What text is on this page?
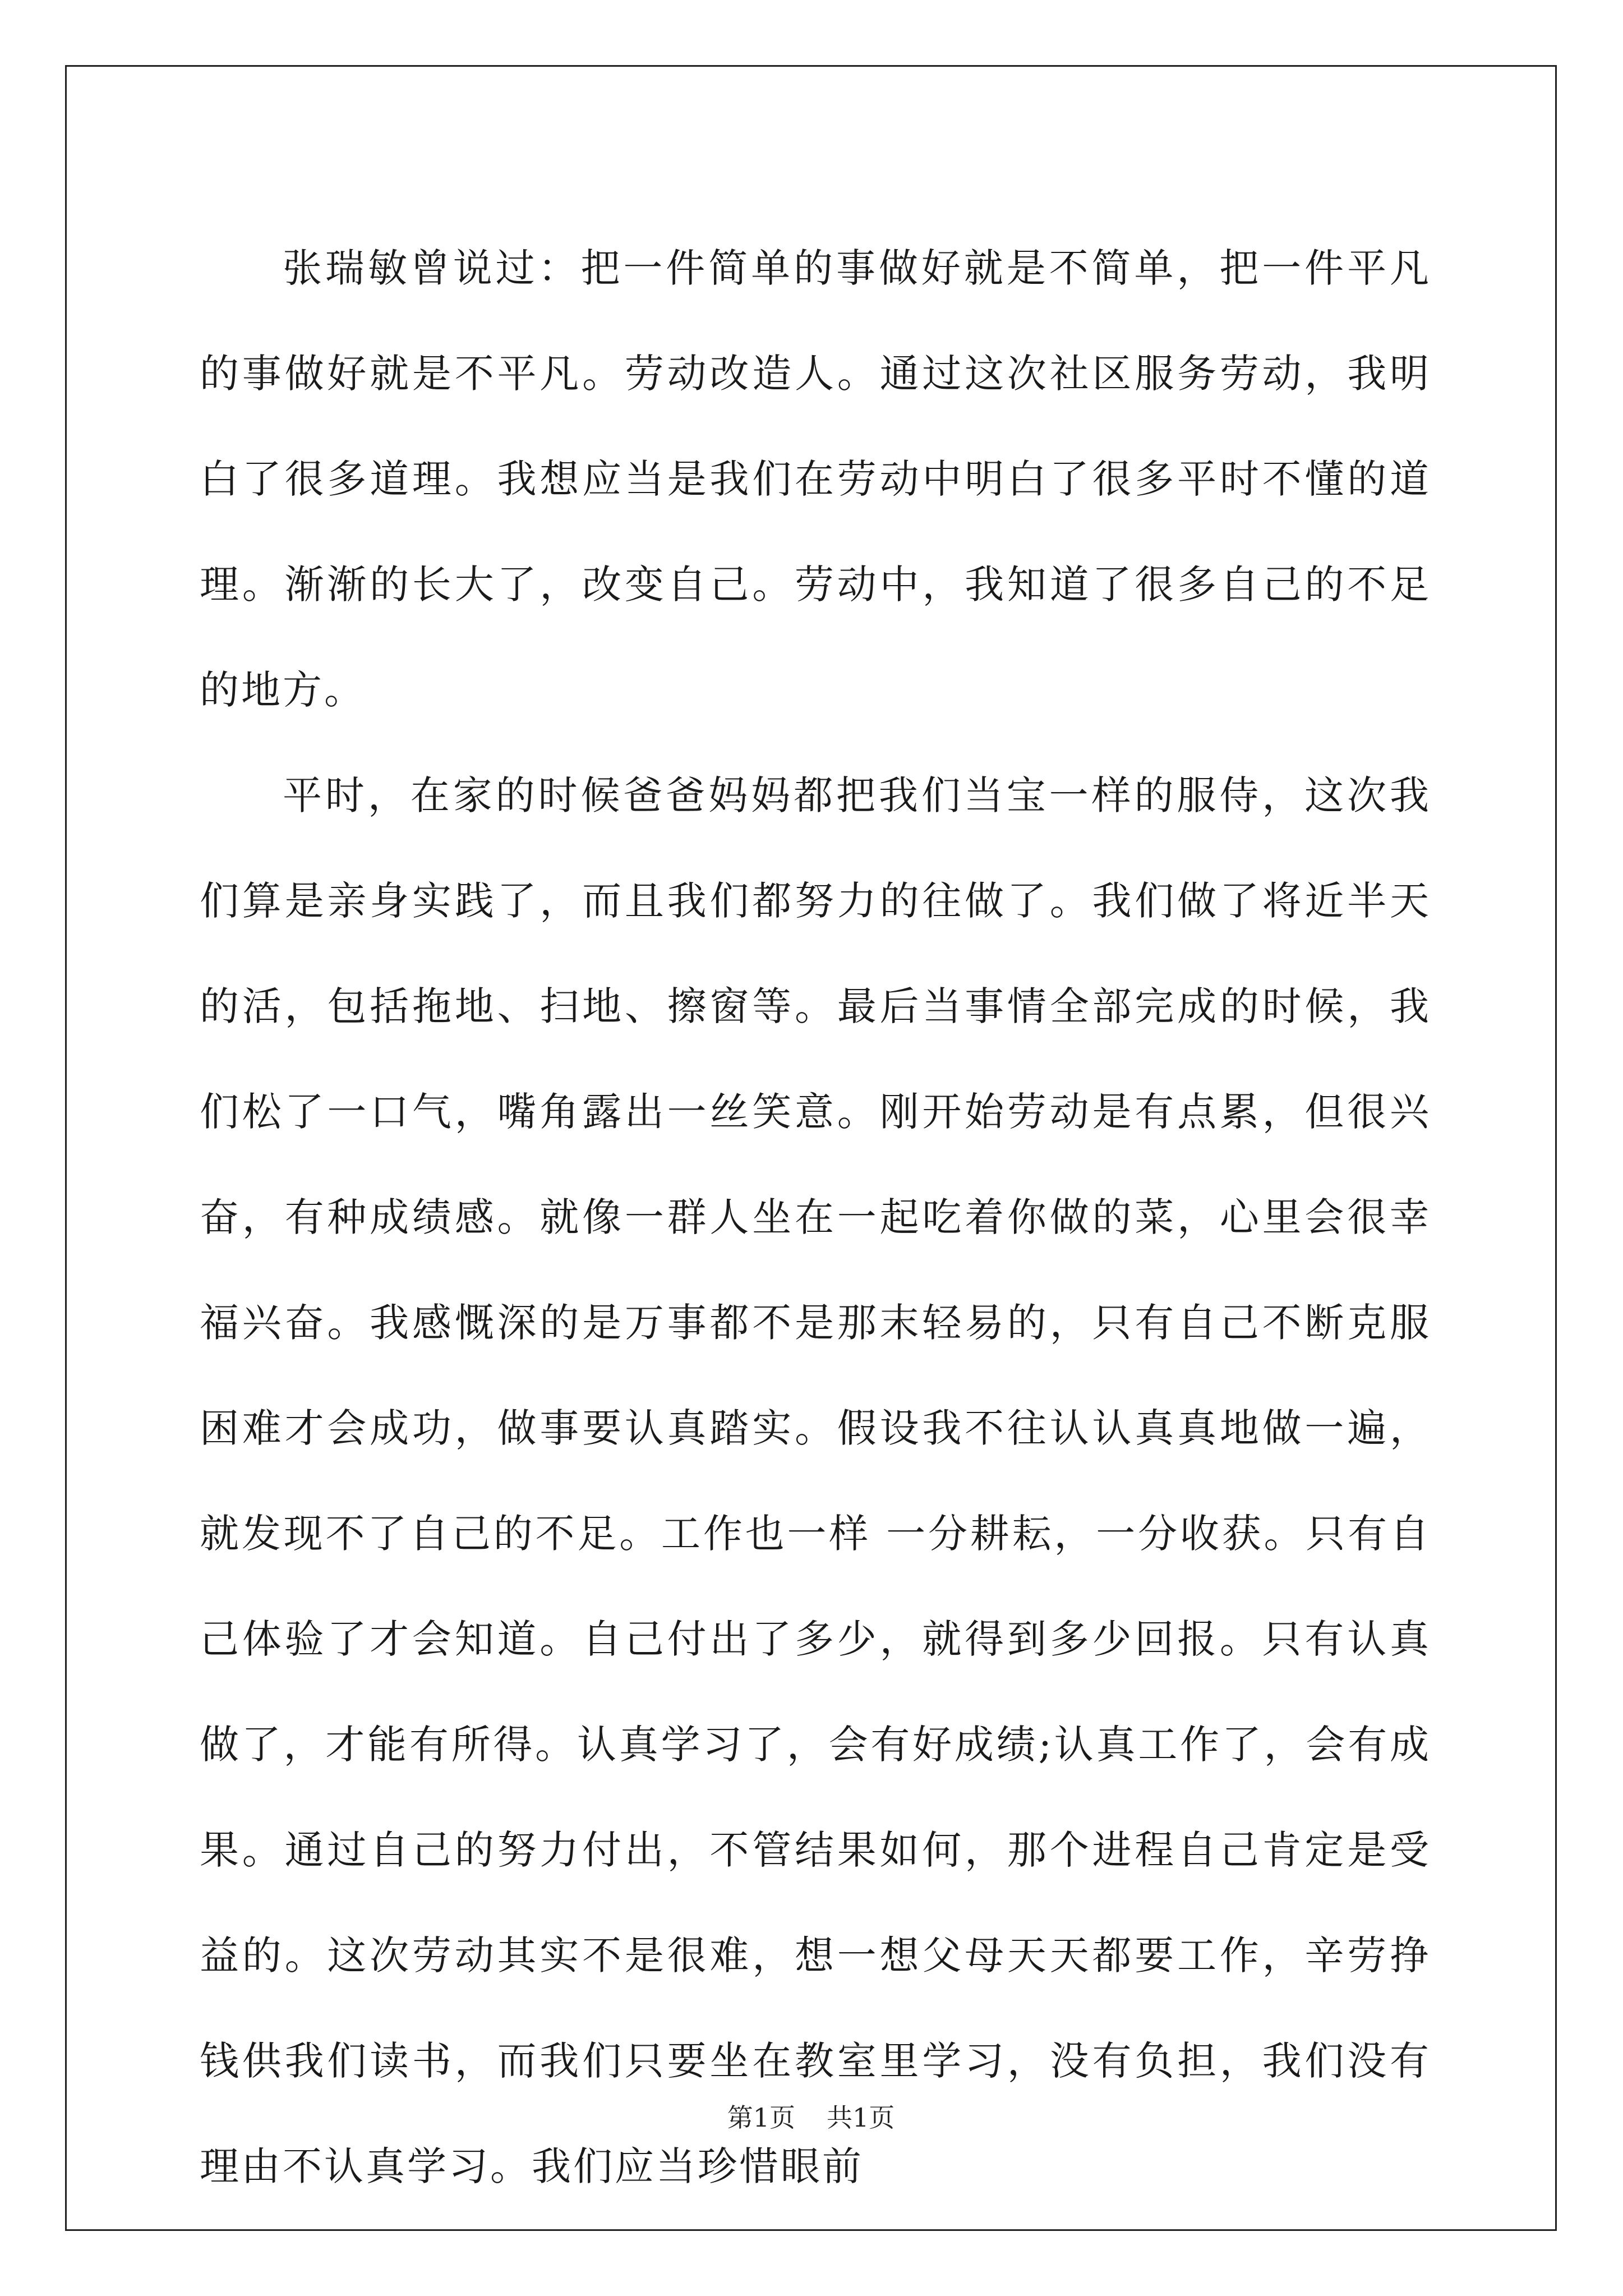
张瑞敏曾说过：把一件简单的事做好就是不简单，把一件平凡的事做好就是不平凡。劳动改造人。通过这次社区服务劳动，我明白了很多道理。我想应当是我们在劳动中明白了很多平时不懂的道理。渐渐的长大了，改变自己。劳动中，我知道了很多自己的不足的地方。

平时，在家的时候爸爸妈妈都把我们当宝一样的服侍，这次我们算是亲身实践了，而且我们都努力的往做了。我们做了将近半天的活，包括拖地、扫地、擦窗等。最后当事情全部完成的时候，我们松了一口气，嘴角露出一丝笑意。刚开始劳动是有点累，但很兴奋，有种成绩感。就像一群人坐在一起吃着你做的菜，心里会很幸福兴奋。我感慨深的是万事都不是那末轻易的，只有自己不断克服困难才会成功，做事要认真踏实。假设我不往认认真真地做一遍，就发现不了自己的不足。工作也一样 一分耕耘，一分收获。只有自己体验了才会知道。自己付出了多少，就得到多少回报。只有认真做了，才能有所得。认真学习了，会有好成绩;认真工作了，会有成果。通过自己的努力付出，不管结果如何，那个进程自己肯定是受益的。这次劳动其实不是很难，想一想父母天天都要工作，辛劳挣钱供我们读书，而我们只要坐在教室里学习，没有负担，我们没有理由不认真学习。我们应当珍惜眼前

第1页 共1页
